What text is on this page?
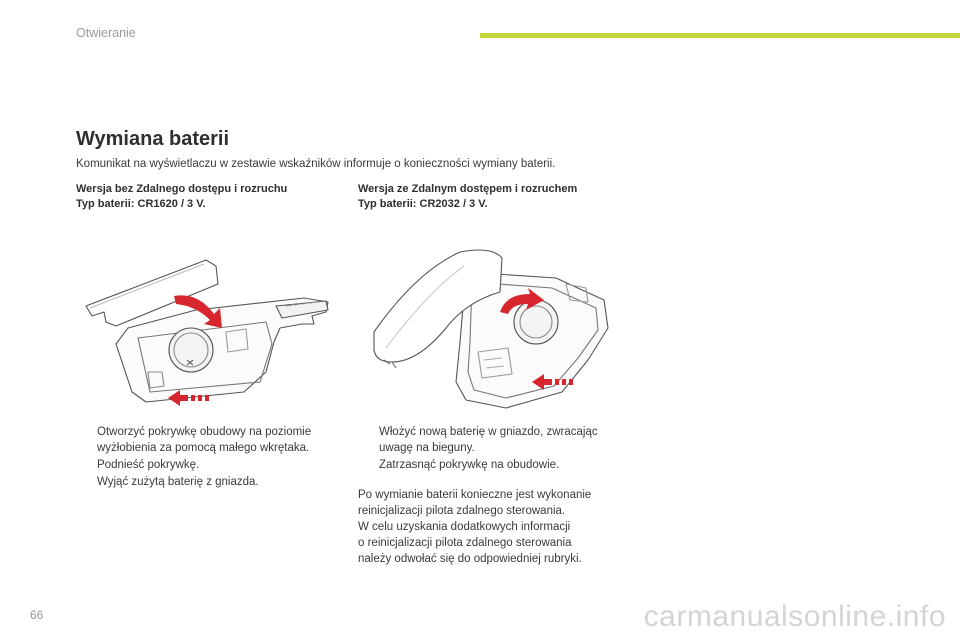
Otwieranie
Wymiana baterii
Komunikat na wyświetlaczu w zestawie wskaźników informuje o konieczności wymiany baterii.
Wersja bez Zdalnego dostępu i rozruchu
Typ baterii: CR1620 / 3 V.
Wersja ze Zdalnym dostępem i rozruchem
Typ baterii: CR2032 / 3 V.
Otworzyć pokrywkę obudowy na poziomie wyżłobienia za pomocą małego wkrętaka.
Podnieść pokrywkę.
Wyjąć zużytą baterię z gniazda.
Włożyć nową baterię w gniazdo, zwracając uwagę na bieguny.
Zatrzasnąć pokrywkę na obudowie.

Po wymianie baterii konieczne jest wykonanie

reinicjalizacji pilota zdalnego sterowania.

W celu uzyskania dodatkowych informacji

o reinicjalizacji pilota zdalnego sterowania

należy odwołać się do odpowiedniej rubryki.

66	carmanualsonline.info
